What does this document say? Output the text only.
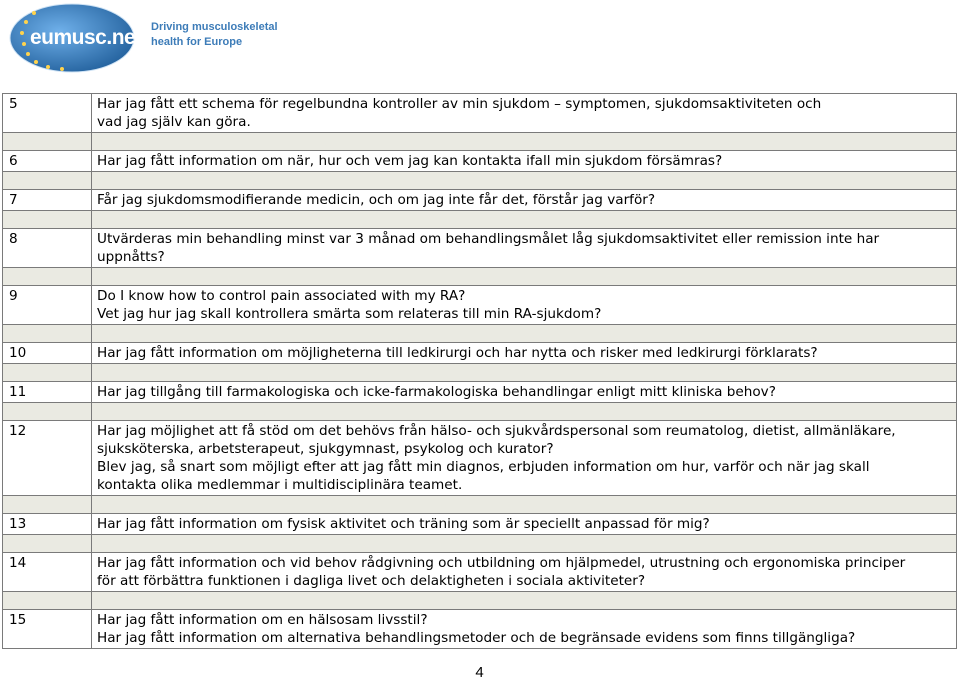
eumusc.net Driving musculoskeletal
health for Europe
5	Har jag fått ett schema för regelbundna kontroller av min sjukdom – symptomen, sjukdomsaktiviteten och
vad jag själv kan göra.

6	Har jag fått information om när, hur och vem jag kan kontakta ifall min sjukdom försämras?

7	Får jag sjukdomsmodifierande medicin, och om jag inte får det, förstår jag varför?

8	Utvärderas min behandling minst var 3 månad om behandlingsmålet låg sjukdomsaktivitet eller remission inte har
uppnåtts?

9	Do I know how to control pain associated with my RA?
Vet jag hur jag skall kontrollera smärta som relateras till min RA-sjukdom?

10	Har jag fått information om möjligheterna till ledkirurgi och har nytta och risker med ledkirurgi förklarats?

11	Har jag tillgång till farmakologiska och icke-farmakologiska behandlingar enligt mitt kliniska behov?

12	Har jag möjlighet att få stöd om det behövs från hälso- och sjukvårdspersonal som reumatolog, dietist, allmänläkare,
sjuksköterska, arbetsterapeut, sjukgymnast, psykolog och kurator?
Blev jag, så snart som möjligt efter att jag fått min diagnos, erbjuden information om hur, varför och när jag skall
kontakta olika medlemmar i multidisciplinära teamet.

13	Har jag fått information om fysisk aktivitet och träning som är speciellt anpassad för mig?

14	Har jag fått information och vid behov rådgivning och utbildning om hjälpmedel, utrustning och ergonomiska principer
för att förbättra funktionen i dagliga livet och delaktigheten i sociala aktiviteter?

15	Har jag fått information om en hälsosam livsstil?
Har jag fått information om alternativa behandlingsmetoder och de begränsade evidens som finns tillgängliga?
4
